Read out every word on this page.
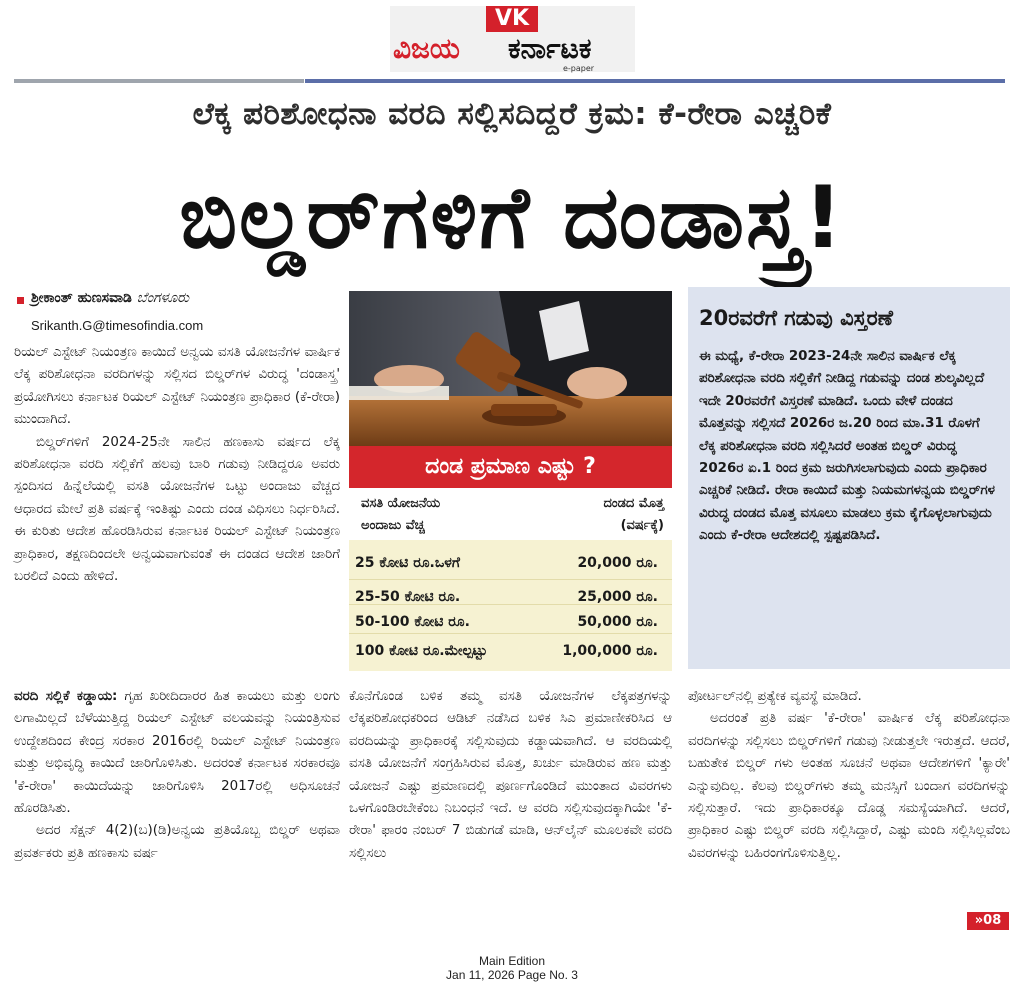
VK
ವಿಜಯ ಕರ್ನಾಟಕ
e-paper
ಲೆಕ್ಕ ಪರಿಶೋಧನಾ ವರದಿ ಸಲ್ಲಿಸದಿದ್ದರೆ ಕ್ರಮ: ಕೆ-ರೇರಾ ಎಚ್ಚರಿಕೆ
ಬಿಲ್ಡರ್‌ಗಳಿಗೆ ದಂಡಾಸ್ತ್ರ!
ಶ್ರೀಕಾಂತ್ ಹುಣಸವಾಡಿ ಬೆಂಗಳೂರು
Srikanth.G@timesofindia.com

ರಿಯಲ್ ಎಸ್ಟೇಟ್ ನಿಯಂತ್ರಣ ಕಾಯಿದೆ ಅನ್ವಯ ವಸತಿ ಯೋಜನೆಗಳ ವಾರ್ಷಿಕ ಲೆಕ್ಕ ಪರಿಶೋಧನಾ ವರದಿಗಳನ್ನು ಸಲ್ಲಿಸದ ಬಿಲ್ಡರ್‌ಗಳ ವಿರುದ್ಧ 'ದಂಡಾಸ್ತ್ರ' ಪ್ರಯೋಗಿಸಲು ಕರ್ನಾಟಕ ರಿಯಲ್ ಎಸ್ಟೇಟ್ ನಿಯಂತ್ರಣ ಪ್ರಾಧಿಕಾರ (ಕೆ-ರೇರಾ) ಮುಂದಾಗಿದೆ.

ಬಿಲ್ಡರ್‌ಗಳಿಗೆ 2024-25ನೇ ಸಾಲಿನ ಹಣಕಾಸು ವರ್ಷದ ಲೆಕ್ಕ ಪರಿಶೋಧನಾ ವರದಿ ಸಲ್ಲಿಕೆಗೆ ಹಲವು ಬಾರಿ ಗಡುವು ನೀಡಿದ್ದರೂ ಅವರು ಸ್ಪಂದಿಸದ ಹಿನ್ನೆಲೆಯಲ್ಲಿ ವಸತಿ ಯೋಜನೆಗಳ ಒಟ್ಟು ಅಂದಾಜು ವೆಚ್ಚದ ಆಧಾರದ ಮೇಲೆ ಪ್ರತಿ ವರ್ಷಕ್ಕೆ ಇಂತಿಷ್ಟು ಎಂದು ದಂಡ ವಿಧಿಸಲು ನಿರ್ಧರಿಸಿದೆ. ಈ ಕುರಿತು ಆದೇಶ ಹೊರಡಿಸಿರುವ ಕರ್ನಾಟಕ ರಿಯಲ್ ಎಸ್ಟೇಟ್ ನಿಯಂತ್ರಣ ಪ್ರಾಧಿಕಾರ, ತಕ್ಷಣದಿಂದಲೇ ಅನ್ವಯವಾಗುವಂತೆ ಈ ದಂಡದ ಆದೇಶ ಜಾರಿಗೆ ಬರಲಿದೆ ಎಂದು ಹೇಳಿದೆ.

ವರದಿ ಸಲ್ಲಿಕೆ ಕಡ್ಡಾಯ: ಗೃಹ ಖರೀದಿದಾರರ ಹಿತ ಕಾಯಲು ಮತ್ತು ಲಂಗು ಲಗಾಮಿಲ್ಲದೆ ಬೆಳೆಯುತ್ತಿದ್ದ ರಿಯಲ್ ಎಸ್ಟೇಟ್ ವಲಯವನ್ನು ನಿಯಂತ್ರಿಸುವ ಉದ್ದೇಶದಿಂದ ಕೇಂದ್ರ ಸರಕಾರ 2016ರಲ್ಲಿ ರಿಯಲ್ ಎಸ್ಟೇಟ್ ನಿಯಂತ್ರಣ ಮತ್ತು ಅಭಿವೃದ್ಧಿ ಕಾಯಿದೆ ಜಾರಿಗೊಳಿಸಿತು. ಅದರಂತೆ ಕರ್ನಾಟಕ ಸರಕಾರವೂ 'ಕೆ-ರೇರಾ' ಕಾಯಿದೆಯನ್ನು ಜಾರಿಗೊಳಿಸಿ 2017ರಲ್ಲಿ ಅಧಿಸೂಚನೆ ಹೊರಡಿಸಿತು.

ಅದರ ಸೆಕ್ಷನ್ 4(2)(ಬ)(ಡಿ)ಅನ್ವಯ ಪ್ರತಿಯೊಬ್ಬ ಬಿಲ್ಡರ್ ಅಥವಾ ಪ್ರವರ್ತಕರು ಪ್ರತಿ ಹಣಕಾಸು ವರ್ಷ

ದಂಡ ಪ್ರಮಾಣ ಎಷ್ಟು ?
ವಸತಿ ಯೋಜನೆಯ
ಅಂದಾಜು ವೆಚ್ಚ
ದಂಡದ ಮೊತ್ತ
(ವರ್ಷಕ್ಕೆ)
25 ಕೋಟಿ ರೂ.ಒಳಗೆ	20,000 ರೂ.
25-50 ಕೋಟಿ ರೂ.	25,000 ರೂ.
50-100 ಕೋಟಿ ರೂ.	50,000 ರೂ.
100 ಕೋಟಿ ರೂ.ಮೇಲ್ಪಟ್ಟು	1,00,000 ರೂ.

ಕೊನೆಗೊಂಡ ಬಳಿಕ ತಮ್ಮ ವಸತಿ ಯೋಜನೆಗಳ ಲೆಕ್ಕಪತ್ರಗಳನ್ನು ಲೆಕ್ಕಪರಿಶೋಧಕರಿಂದ ಆಡಿಟ್ ನಡೆಸಿದ ಬಳಿಕ ಸಿಎ ಪ್ರಮಾಣೀಕರಿಸಿದ ಆ ವರದಿಯನ್ನು ಪ್ರಾಧಿಕಾರಕ್ಕೆ ಸಲ್ಲಿಸುವುದು ಕಡ್ಡಾಯವಾಗಿದೆ. ಆ ವರದಿಯಲ್ಲಿ ವಸತಿ ಯೋಜನೆಗೆ ಸಂಗ್ರಹಿಸಿರುವ ಮೊತ್ತ, ಖರ್ಚು ಮಾಡಿರುವ ಹಣ ಮತ್ತು ಯೋಜನೆ ಎಷ್ಟು ಪ್ರಮಾಣದಲ್ಲಿ ಪೂರ್ಣಗೊಂಡಿದೆ ಮುಂತಾದ ವಿವರಗಳು ಒಳಗೊಂಡಿರಬೇಕೆಂಬ ನಿಬಂಧನೆ ಇದೆ. ಆ ವರದಿ ಸಲ್ಲಿಸುವುದಕ್ಕಾಗಿಯೇ 'ಕೆ-ರೇರಾ' ಫಾರಂ ನಂಬರ್ 7 ಬಿಡುಗಡೆ ಮಾಡಿ, ಆನ್‌ಲೈನ್ ಮೂಲಕವೇ ವರದಿ ಸಲ್ಲಿಸಲು

20ರವರೆಗೆ ಗಡುವು ವಿಸ್ತರಣೆ
ಈ ಮಧ್ಯೆ, ಕೆ-ರೇರಾ 2023-24ನೇ ಸಾಲಿನ ವಾರ್ಷಿಕ ಲೆಕ್ಕ ಪರಿಶೋಧನಾ ವರದಿ ಸಲ್ಲಿಕೆಗೆ ನೀಡಿದ್ದ ಗಡುವನ್ನು ದಂಡ ಶುಲ್ಕವಿಲ್ಲದೆ ಇದೇ 20ರವರೆಗೆ ವಿಸ್ತರಣೆ ಮಾಡಿದೆ. ಒಂದು ವೇಳೆ ದಂಡದ ಮೊತ್ತವನ್ನು ಸಲ್ಲಿಸದೆ 2026ರ ಜ.20 ರಿಂದ ಮಾ.31 ರೊಳಗೆ ಲೆಕ್ಕ ಪರಿಶೋಧನಾ ವರದಿ ಸಲ್ಲಿಸಿದರೆ ಅಂತಹ ಬಿಲ್ಡರ್ ವಿರುದ್ಧ 2026ರ ಏ.1 ರಿಂದ ಕ್ರಮ ಜರುಗಿಸಲಾಗುವುದು ಎಂದು ಪ್ರಾಧಿಕಾರ ಎಚ್ಚರಿಕೆ ನೀಡಿದೆ. ರೇರಾ ಕಾಯಿದೆ ಮತ್ತು ನಿಯಮಗಳನ್ವಯ ಬಿಲ್ಡರ್‌ಗಳ ವಿರುದ್ಧ ದಂಡದ ಮೊತ್ತ ವಸೂಲು ಮಾಡಲು ಕ್ರಮ ಕೈಗೊಳ್ಳಲಾಗುವುದು ಎಂದು ಕೆ-ರೇರಾ ಆದೇಶದಲ್ಲಿ ಸ್ಪಷ್ಟಪಡಿಸಿದೆ.

ಪೋರ್ಟಲ್‌ನಲ್ಲಿ ಪ್ರತ್ಯೇಕ ವ್ಯವಸ್ಥೆ ಮಾಡಿದೆ.

ಅದರಂತೆ ಪ್ರತಿ ವರ್ಷ 'ಕೆ-ರೇರಾ' ವಾರ್ಷಿಕ ಲೆಕ್ಕ ಪರಿಶೋಧನಾ ವರದಿಗಳನ್ನು ಸಲ್ಲಿಸಲು ಬಿಲ್ಡರ್‌ಗಳಿಗೆ ಗಡುವು ನೀಡುತ್ತಲೇ ಇರುತ್ತದೆ. ಆದರೆ, ಬಹುತೇಕ ಬಿಲ್ಡರ್ ಗಳು ಅಂತಹ ಸೂಚನೆ ಅಥವಾ ಆದೇಶಗಳಿಗೆ 'ಕ್ಯಾರೇ' ಎನ್ನುವುದಿಲ್ಲ. ಕೆಲವು ಬಿಲ್ಡರ್‌ಗಳು ತಮ್ಮ ಮನಸ್ಸಿಗೆ ಬಂದಾಗ ವರದಿಗಳನ್ನು ಸಲ್ಲಿಸುತ್ತಾರೆ. ಇದು ಪ್ರಾಧಿಕಾರಕ್ಕೂ ದೊಡ್ಡ ಸಮಸ್ಯೆಯಾಗಿದೆ. ಆದರೆ, ಪ್ರಾಧಿಕಾರ ಎಷ್ಟು ಬಿಲ್ಡರ್ ವರದಿ ಸಲ್ಲಿಸಿದ್ದಾರೆ, ಎಷ್ಟು ಮಂದಿ ಸಲ್ಲಿಸಿಲ್ಲವೆಂಬ ವಿವರಗಳನ್ನು ಬಹಿರಂಗಗೊಳಿಸುತ್ತಿಲ್ಲ.

»08
Main Edition
Jan 11, 2026 Page No. 3
